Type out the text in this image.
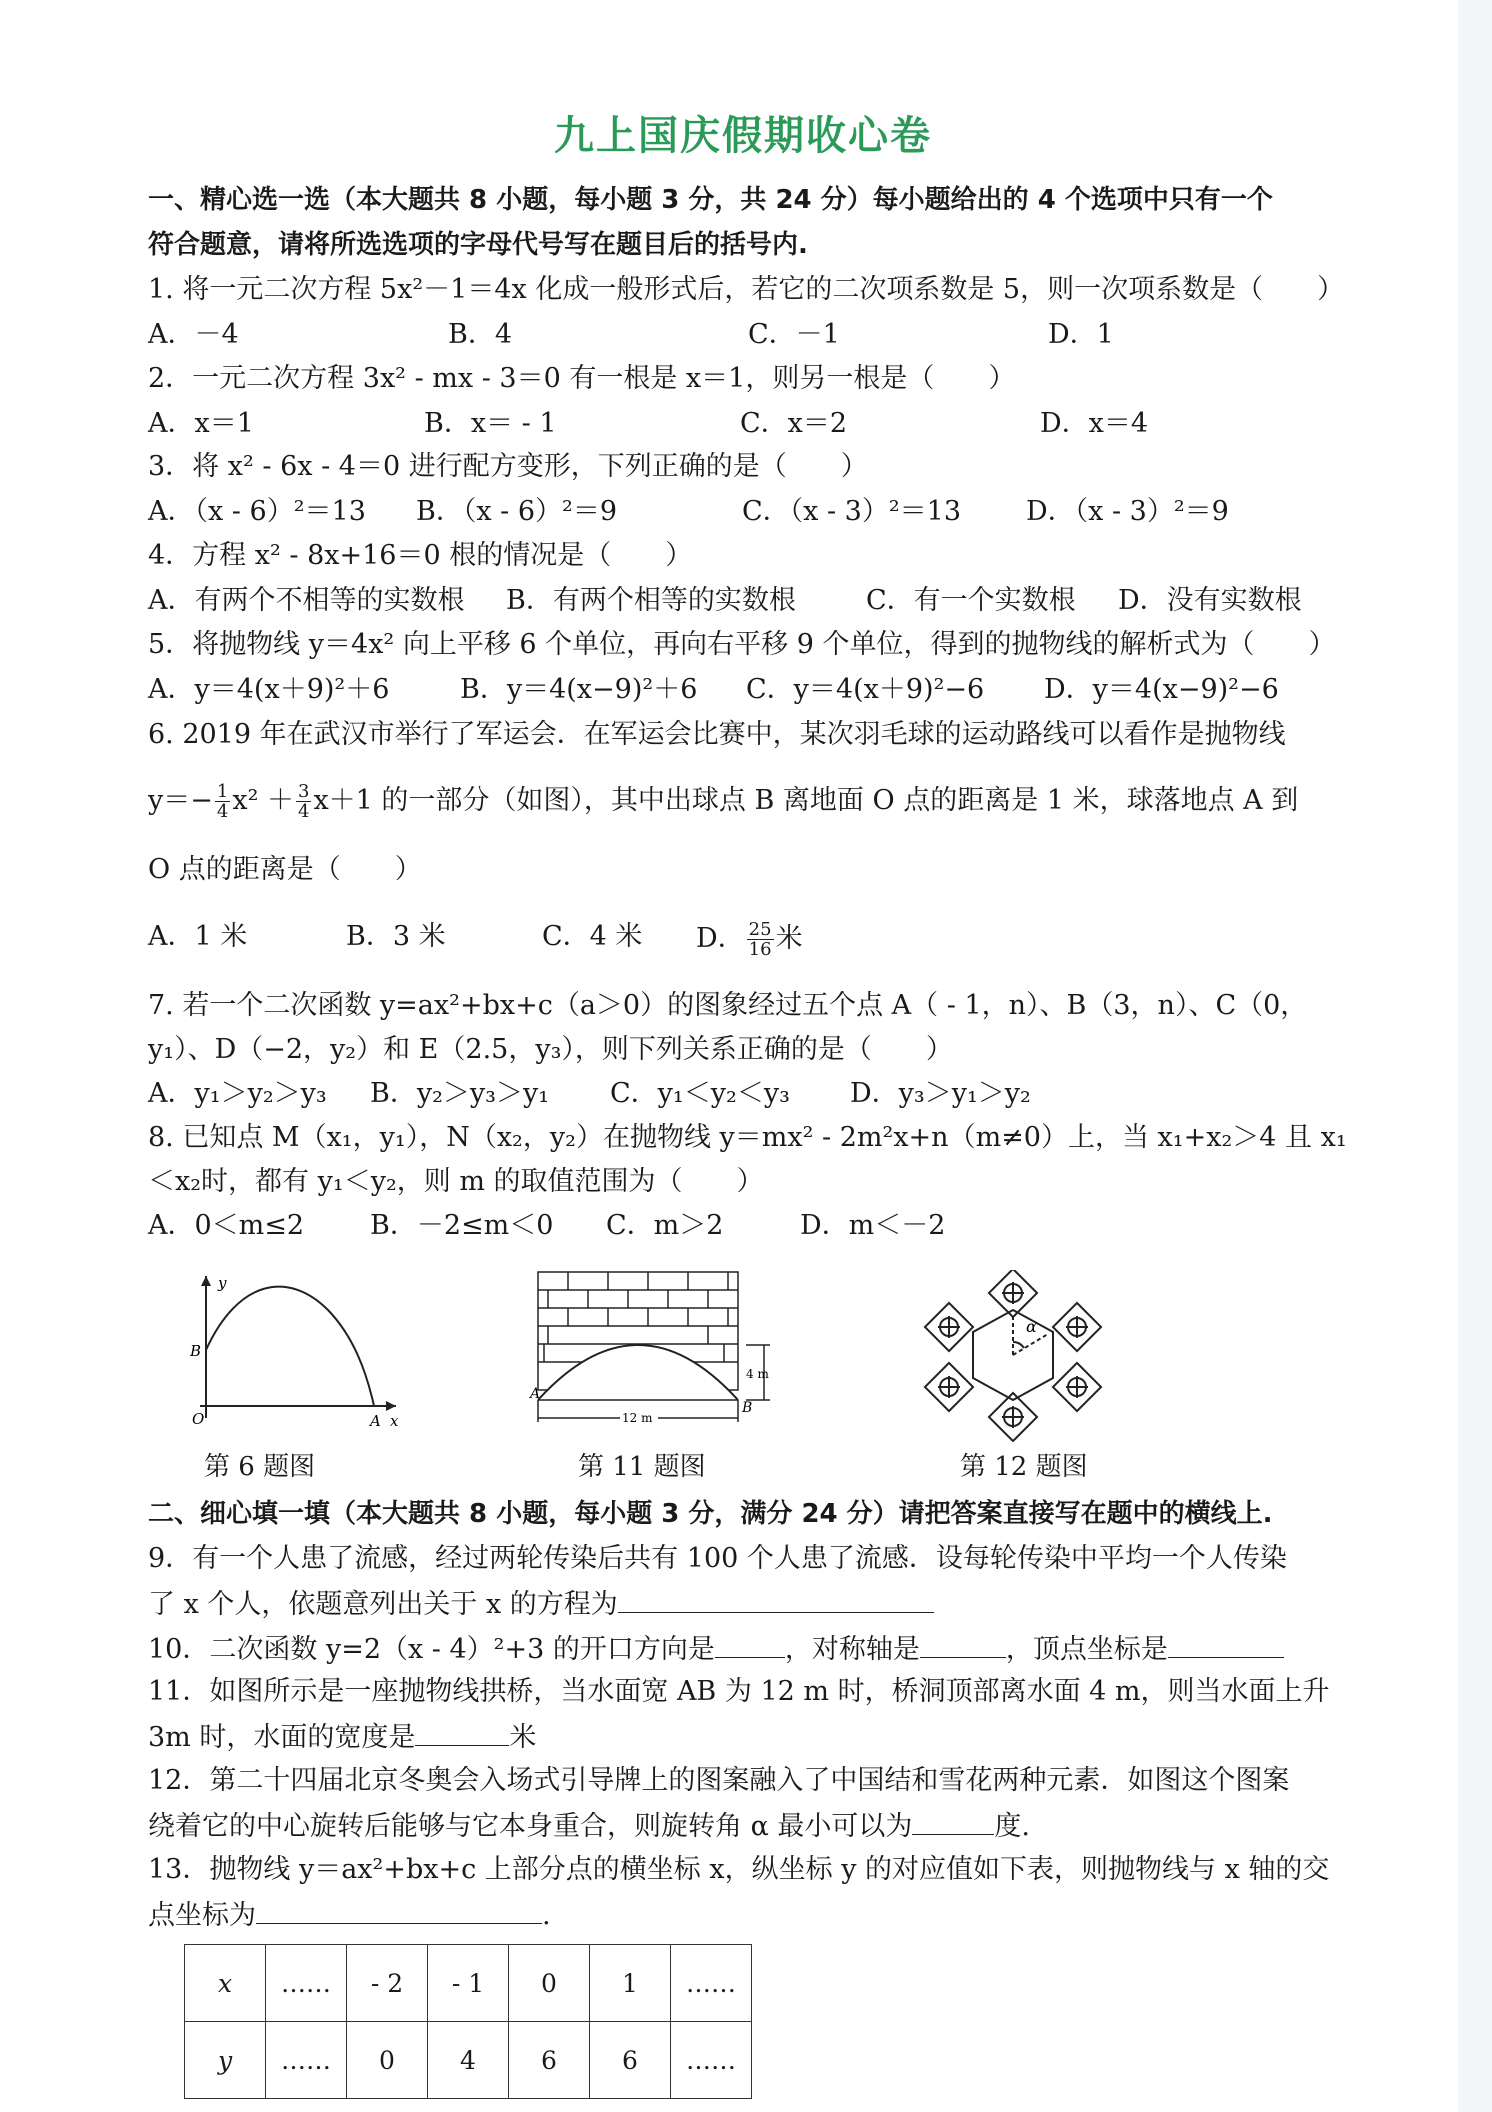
九上国庆假期收心卷
一、精心选一选（本大题共 8 小题，每小题 3 分，共 24 分）每小题给出的 4 个选项中只有一个
符合题意，请将所选选项的字母代号写在题目后的括号内.
1. 将一元二次方程 5x²－1＝4x 化成一般形式后，若它的二次项系数是 5，则一次项系数是（　　）
A．－4	B．4	C．－1	D．1
2．一元二次方程 3x² - mx - 3＝0 有一根是 x＝1，则另一根是（　　）
A．x＝1	B．x＝ - 1	C．x＝2	D．x＝4
3．将 x² - 6x - 4＝0 进行配方变形，下列正确的是（　　）
A．（x - 6）²＝13	B．（x - 6）²＝9	C．（x - 3）²＝13	D．（x - 3）²＝9
4．方程 x² - 8x+16＝0 根的情况是（　　）
A．有两个不相等的实数根	B．有两个相等的实数根	C．有一个实数根	D．没有实数根
5．将抛物线 y＝4x² 向上平移 6 个单位，再向右平移 9 个单位，得到的抛物线的解析式为（　　）
A．y＝4(x＋9)²＋6	B．y＝4(x−9)²＋6	C．y＝4(x＋9)²−6	D．y＝4(x−9)²−6
6. 2019 年在武汉市举行了军运会．在军运会比赛中，某次羽毛球的运动路线可以看作是抛物线
$y=- \frac{1}{4} x^2 + \frac{3}{4} x+1$ 的一部分（如图），其中出球点 B 离地面 O 点的距离是 1 米，球落地点 A 到
O 点的距离是（　　）
A．1 米	B．3 米	C．4 米	D． $\frac{25}{16}$ 米
7. 若一个二次函数 y=ax²+bx+c（a＞0）的图象经过五个点 A（ - 1，n）、B（3，n）、C（0，
y₁）、D（−2，y₂）和 E（2.5，y₃），则下列关系正确的是（　　）
A．y₁＞y₂＞y₃	B．y₂＞y₃＞y₁	C．y₁＜y₂＜y₃	D．y₃＞y₁＞y₂
8. 已知点 M（x₁，y₁），N（x₂，y₂）在抛物线 y＝mx² - 2m²x+n（m≠0）上，当 x₁+x₂＞4 且 x₁
＜x₂时，都有 y₁＜y₂，则 m 的取值范围为（　　）
A．0＜m≤2	B．－2≤m＜0	C．m＞2	D．m＜－2
y
B
O	A x
第 6 题图
A
B
4 m
12 m
第 11 题图
α
第 12 题图
二、细心填一填（本大题共 8 小题，每小题 3 分，满分 24 分）请把答案直接写在题中的横线上.
9．有一个人患了流感，经过两轮传染后共有 100 个人患了流感．设每轮传染中平均一个人传染
了 x 个人，依题意列出关于 x 的方程为
10．二次函数 y=2（x - 4）²+3 的开口方向是	，对称轴是	，顶点坐标是
11．如图所示是一座抛物线拱桥，当水面宽 AB 为 12 m 时，桥洞顶部离水面 4 m，则当水面上升
3m 时，水面的宽度是	米
12．第二十四届北京冬奥会入场式引导牌上的图案融入了中国结和雪花两种元素．如图这个图案
绕着它的中心旋转后能够与它本身重合，则旋转角 α 最小可以为	度.
13．抛物线 y＝ax²+bx+c 上部分点的横坐标 x，纵坐标 y 的对应值如下表，则抛物线与 x 轴的交
点坐标为	.
x	……	- 2	- 1	0	1	……
y	……	0	4	6	6	……
